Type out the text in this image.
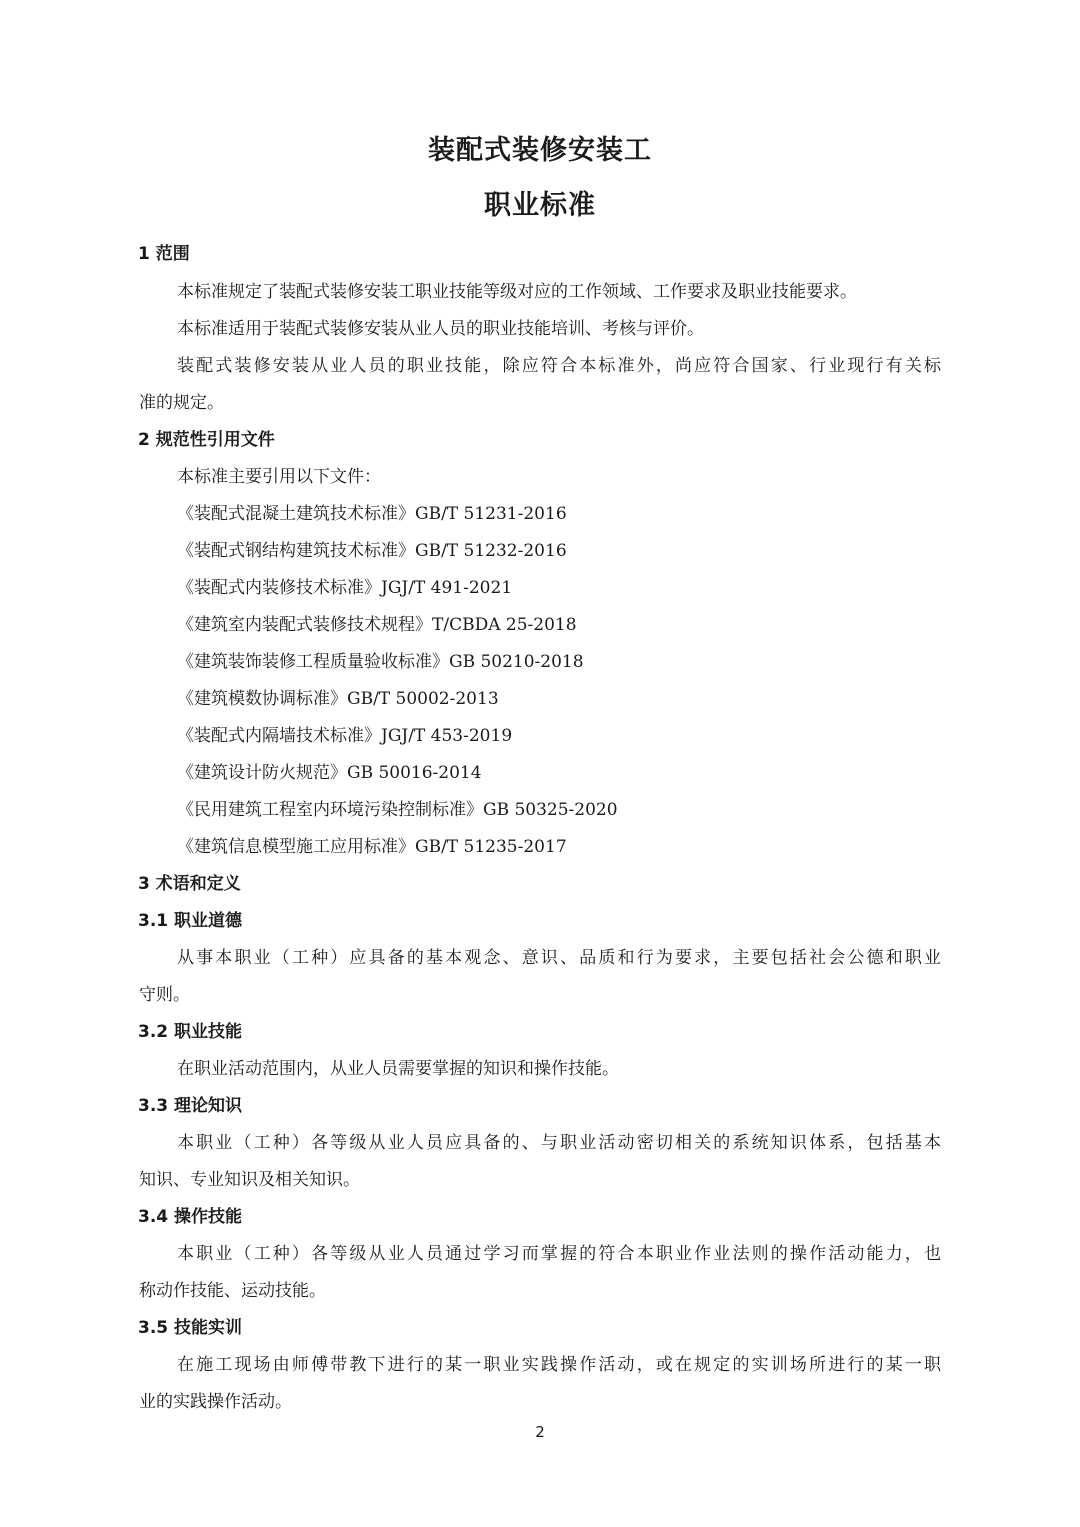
装配式装修安装工
职业标准
1 范围
本标准规定了装配式装修安装工职业技能等级对应的工作领域、工作要求及职业技能要求。
本标准适用于装配式装修安装从业人员的职业技能培训、考核与评价。
装配式装修安装从业人员的职业技能，除应符合本标准外，尚应符合国家、行业现行有关标
准的规定。
2 规范性引用文件
本标准主要引用以下文件：
《装配式混凝土建筑技术标准》GB/T 51231-2016
《装配式钢结构建筑技术标准》GB/T 51232-2016
《装配式内装修技术标准》JGJ/T 491-2021
《建筑室内装配式装修技术规程》T/CBDA 25-2018
《建筑装饰装修工程质量验收标准》GB 50210-2018
《建筑模数协调标准》GB/T 50002-2013
《装配式内隔墙技术标准》JGJ/T 453-2019
《建筑设计防火规范》GB 50016-2014
《民用建筑工程室内环境污染控制标准》GB 50325-2020
《建筑信息模型施工应用标准》GB/T 51235-2017
3 术语和定义
3.1 职业道德
从事本职业（工种）应具备的基本观念、意识、品质和行为要求，主要包括社会公德和职业
守则。
3.2 职业技能
在职业活动范围内，从业人员需要掌握的知识和操作技能。
3.3 理论知识
本职业（工种）各等级从业人员应具备的、与职业活动密切相关的系统知识体系，包括基本
知识、专业知识及相关知识。
3.4 操作技能
本职业（工种）各等级从业人员通过学习而掌握的符合本职业作业法则的操作活动能力，也
称动作技能、运动技能。
3.5 技能实训
在施工现场由师傅带教下进行的某一职业实践操作活动，或在规定的实训场所进行的某一职
业的实践操作活动。
2
